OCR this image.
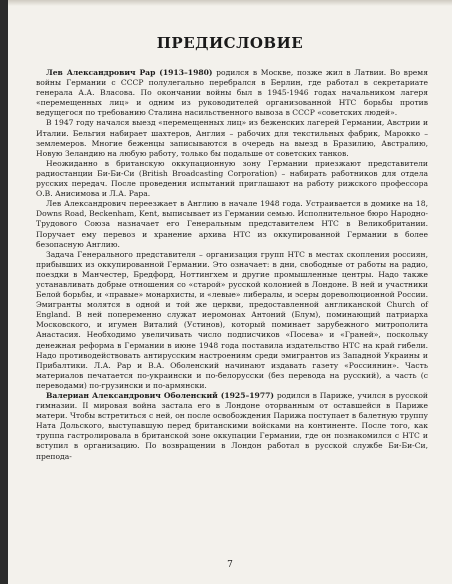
ПРЕДИСЛОВИЕ

Лев Александрович Рар (1913–1980) родился в Москве, позже жил в Латвии. Во время войны Германии с СССР полулегально перебрался в Берлин, где работал в секретариате генерала А.А. Власова. По окончании войны был в 1945-1946 годах начальником лагеря «перемещенных лиц» и одним из руководителей организованной НТС борьбы против ведущегося по требованию Сталина насильственного вывоза в СССР «советских людей».

В 1947 году начался выезд «перемещенных лиц» из беженских лагерей Германии, Австрии и Италии. Бельгия набирает шахтеров, Англия – рабочих для текстильных фабрик, Марокко – землемеров. Многие беженцы записываются в очередь на выезд в Бразилию, Австралию, Новую Зеландию на любую работу, только бы подальше от советских танков.

Неожиданно в британскую оккупационную зону Германии приезжают представители радиостанции Би-Би-Си (British Broadcasting Corporation) – набирать работников для отдела русских передач. После проведения испытаний приглашают на работу рижского профессора О.В. Анисимова и Л.А. Рара.

Лев Александрович переезжает в Англию в начале 1948 года. Устраивается в домике на 18, Downs Road, Beckenham, Kent, выписывает из Германии семью. Исполнительное бюро Народно-Трудового Союза назначает его Генеральным представителем НТС в Великобритании. Поручает ему перевоз и хранение архива НТС из оккупированной Германии в более безопасную Англию.

Задача Генерального представителя – организация групп НТС в местах скопления россиян, прибывших из оккупированной Германии. Это означает: в дни, свободные от работы на радио, поездки в Манчестер, Бредфорд, Ноттингхем и другие промышленные центры. Надо также устанавливать добрые отношения со «старой» русской колонией в Лондоне. В ней и участники Белой борьбы, и «правые» монархисты, и «левые» либералы, и эсеры дореволюционной России. Эмигранты молятся в одной и той же церкви, предоставленной англиканской Church of England. В ней попеременно служат иеромонах Антоний (Блум), поминающий патриарха Московского, и игумен Виталий (Устинов), который поминает зарубежного митрополита Анастасия. Необходимо увеличивать число подписчиков «Посева» и «Граней», поскольку денежная реформа в Германии в июне 1948 года поставила издательство НТС на край гибели. Надо противодействовать антирусским настроениям среди эмигрантов из Западной Украины и Прибалтики. Л.А. Рар и В.А. Оболенский начинают издавать газету «Россиянин». Часть материалов печатается по-украински и по-белорусски (без перевода на русский), а часть (с переводами) по-грузински и по-армянски.

Валериан Александрович Оболенский (1925–1977) родился в Париже, учился в русской гимназии. II мировая война застала его в Лондоне оторванным от оставшейся в Париже матери. Чтобы встретиться с ней, он после освобождения Парижа поступает в балетную труппу Ната Дольского, выступавшую перед британскими войсками на континенте. После того, как труппа гастролировала в британской зоне оккупации Германии, где он познакомился с НТС и вступил в организацию. По возвращении в Лондон работал в русской службе Би-Би-Си, препода-

7
